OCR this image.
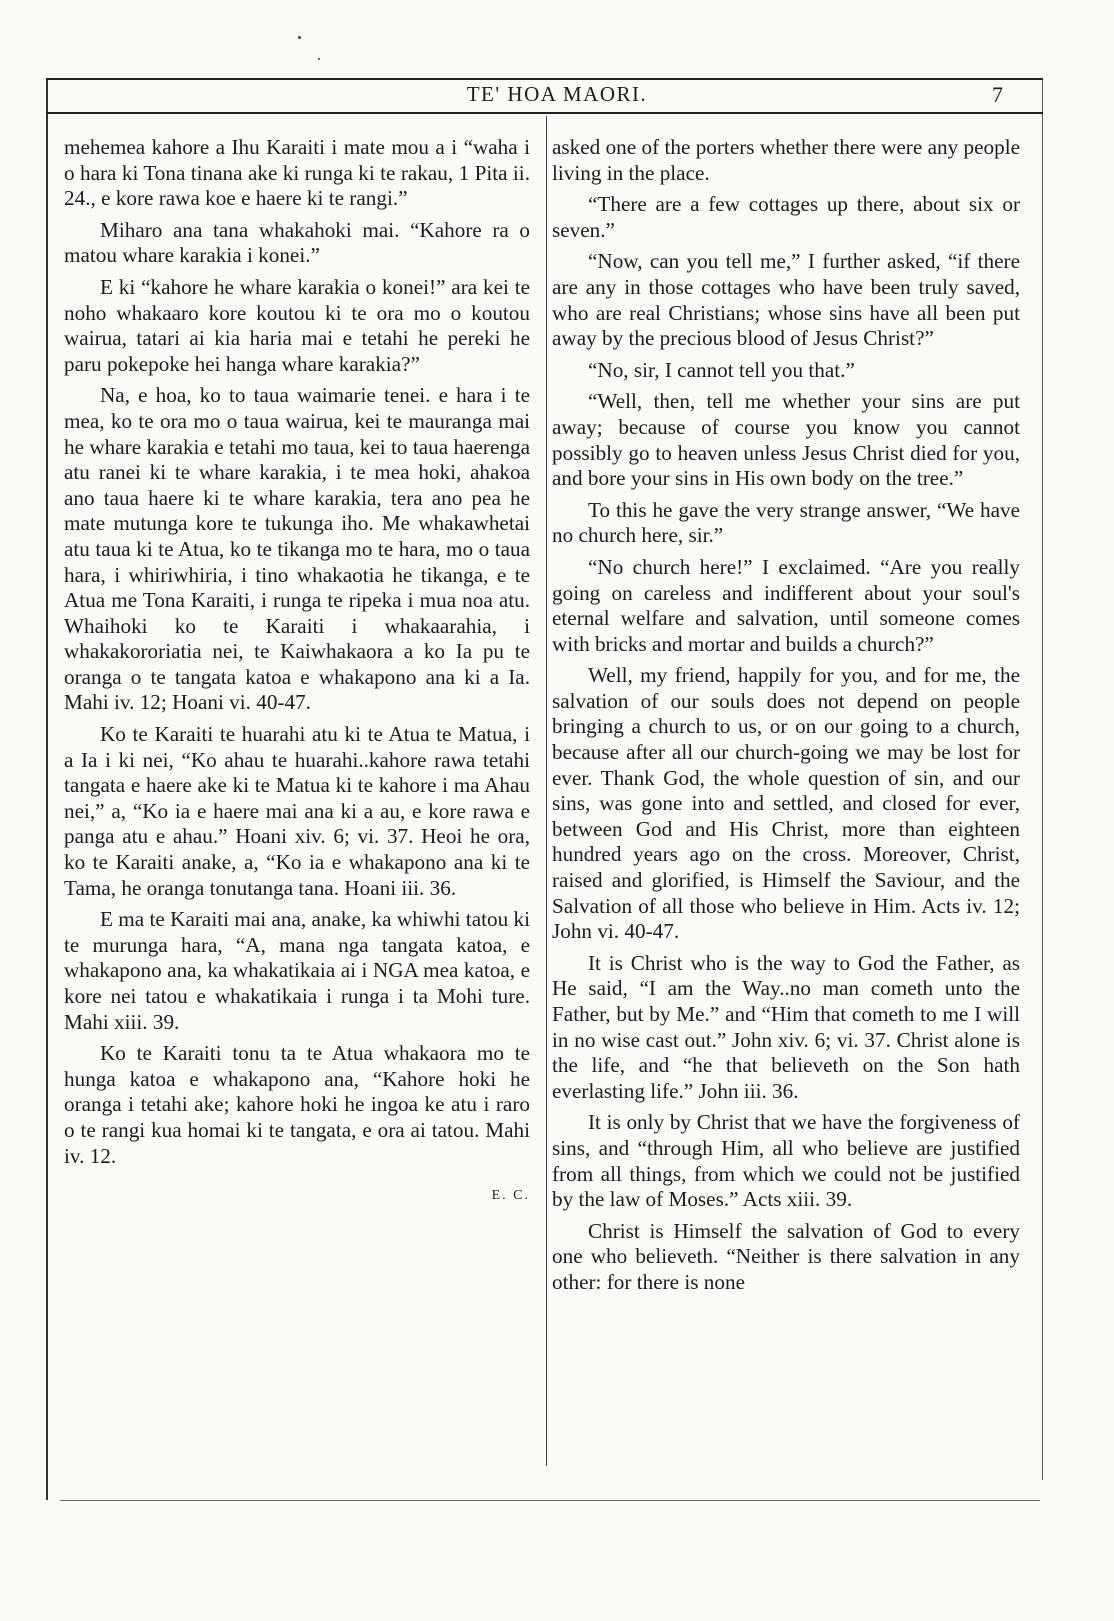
TE' HOA MAORI.	7

mehemea kahore a Ihu Karaiti i mate mou a i “waha i o hara ki Tona tinana ake ki runga ki te rakau, 1 Pita ii. 24., e kore rawa koe e haere ki te rangi.”

Miharo ana tana whakahoki mai. “Kahore ra o matou whare karakia i konei.”

E ki “kahore he whare karakia o konei!” ara kei te noho whakaaro kore koutou ki te ora mo o koutou wairua, tatari ai kia haria mai e tetahi he pereki he paru pokepoke hei hanga whare karakia?”

Na, e hoa, ko to taua waimarie tenei. e hara i te mea, ko te ora mo o taua wairua, kei te mauranga mai he whare karakia e tetahi mo taua, kei to taua haerenga atu ranei ki te whare karakia, i te mea hoki, ahakoa ano taua haere ki te whare karakia, tera ano pea he mate mutunga kore te tukunga iho. Me whakawhetai atu taua ki te Atua, ko te tikanga mo te hara, mo o taua hara, i whiriwhiria, i tino whakaotia he tikanga, e te Atua me Tona Karaiti, i runga te ripeka i mua noa atu. Whaihoki ko te Karaiti i whakaarahia, i whakakororiatia nei, te Kaiwhakaora a ko Ia pu te oranga o te tangata katoa e whakapono ana ki a Ia. Mahi iv. 12; Hoani vi. 40-47.

Ko te Karaiti te huarahi atu ki te Atua te Matua, i a Ia i ki nei, “Ko ahau te huarahi..kahore rawa tetahi tangata e haere ake ki te Matua ki te kahore i ma Ahau nei,” a, “Ko ia e haere mai ana ki a au, e kore rawa e panga atu e ahau.” Hoani xiv. 6; vi. 37. Heoi he ora, ko te Karaiti anake, a, “Ko ia e whakapono ana ki te Tama, he oranga tonutanga tana. Hoani iii. 36.

E ma te Karaiti mai ana, anake, ka whiwhi tatou ki te murunga hara, “A, mana nga tangata katoa, e whakapono ana, ka whakatikaia ai i NGA mea katoa, e kore nei tatou e whakatikaia i runga i ta Mohi ture. Mahi xiii. 39.

Ko te Karaiti tonu ta te Atua whakaora mo te hunga katoa e whakapono ana, “Kahore hoki he oranga i tetahi ake; kahore hoki he ingoa ke atu i raro o te rangi kua homai ki te tangata, e ora ai tatou. Mahi iv. 12.

E. C.

asked one of the porters whether there were any people living in the place.

“There are a few cottages up there, about six or seven.”

“Now, can you tell me,” I further asked, “if there are any in those cottages who have been truly saved, who are real Christians; whose sins have all been put away by the precious blood of Jesus Christ?”

“No, sir, I cannot tell you that.”

“Well, then, tell me whether your sins are put away; because of course you know you cannot possibly go to heaven unless Jesus Christ died for you, and bore your sins in His own body on the tree.”

To this he gave the very strange answer, “We have no church here, sir.”

“No church here!” I exclaimed. “Are you really going on careless and indifferent about your soul's eternal welfare and salvation, until someone comes with bricks and mortar and builds a church?”

Well, my friend, happily for you, and for me, the salvation of our souls does not depend on people bringing a church to us, or on our going to a church, because after all our church-going we may be lost for ever. Thank God, the whole question of sin, and our sins, was gone into and settled, and closed for ever, between God and His Christ, more than eighteen hundred years ago on the cross. Moreover, Christ, raised and glorified, is Himself the Saviour, and the Salvation of all those who believe in Him. Acts iv. 12; John vi. 40-47.

It is Christ who is the way to God the Father, as He said, “I am the Way..no man cometh unto the Father, but by Me.” and “Him that cometh to me I will in no wise cast out.” John xiv. 6; vi. 37. Christ alone is the life, and “he that believeth on the Son hath everlasting life.” John iii. 36.

It is only by Christ that we have the forgiveness of sins, and “through Him, all who believe are justified from all things, from which we could not be justified by the law of Moses.” Acts xiii. 39.

Christ is Himself the salvation of God to every one who believeth. “Neither is there salvation in any other: for there is none
